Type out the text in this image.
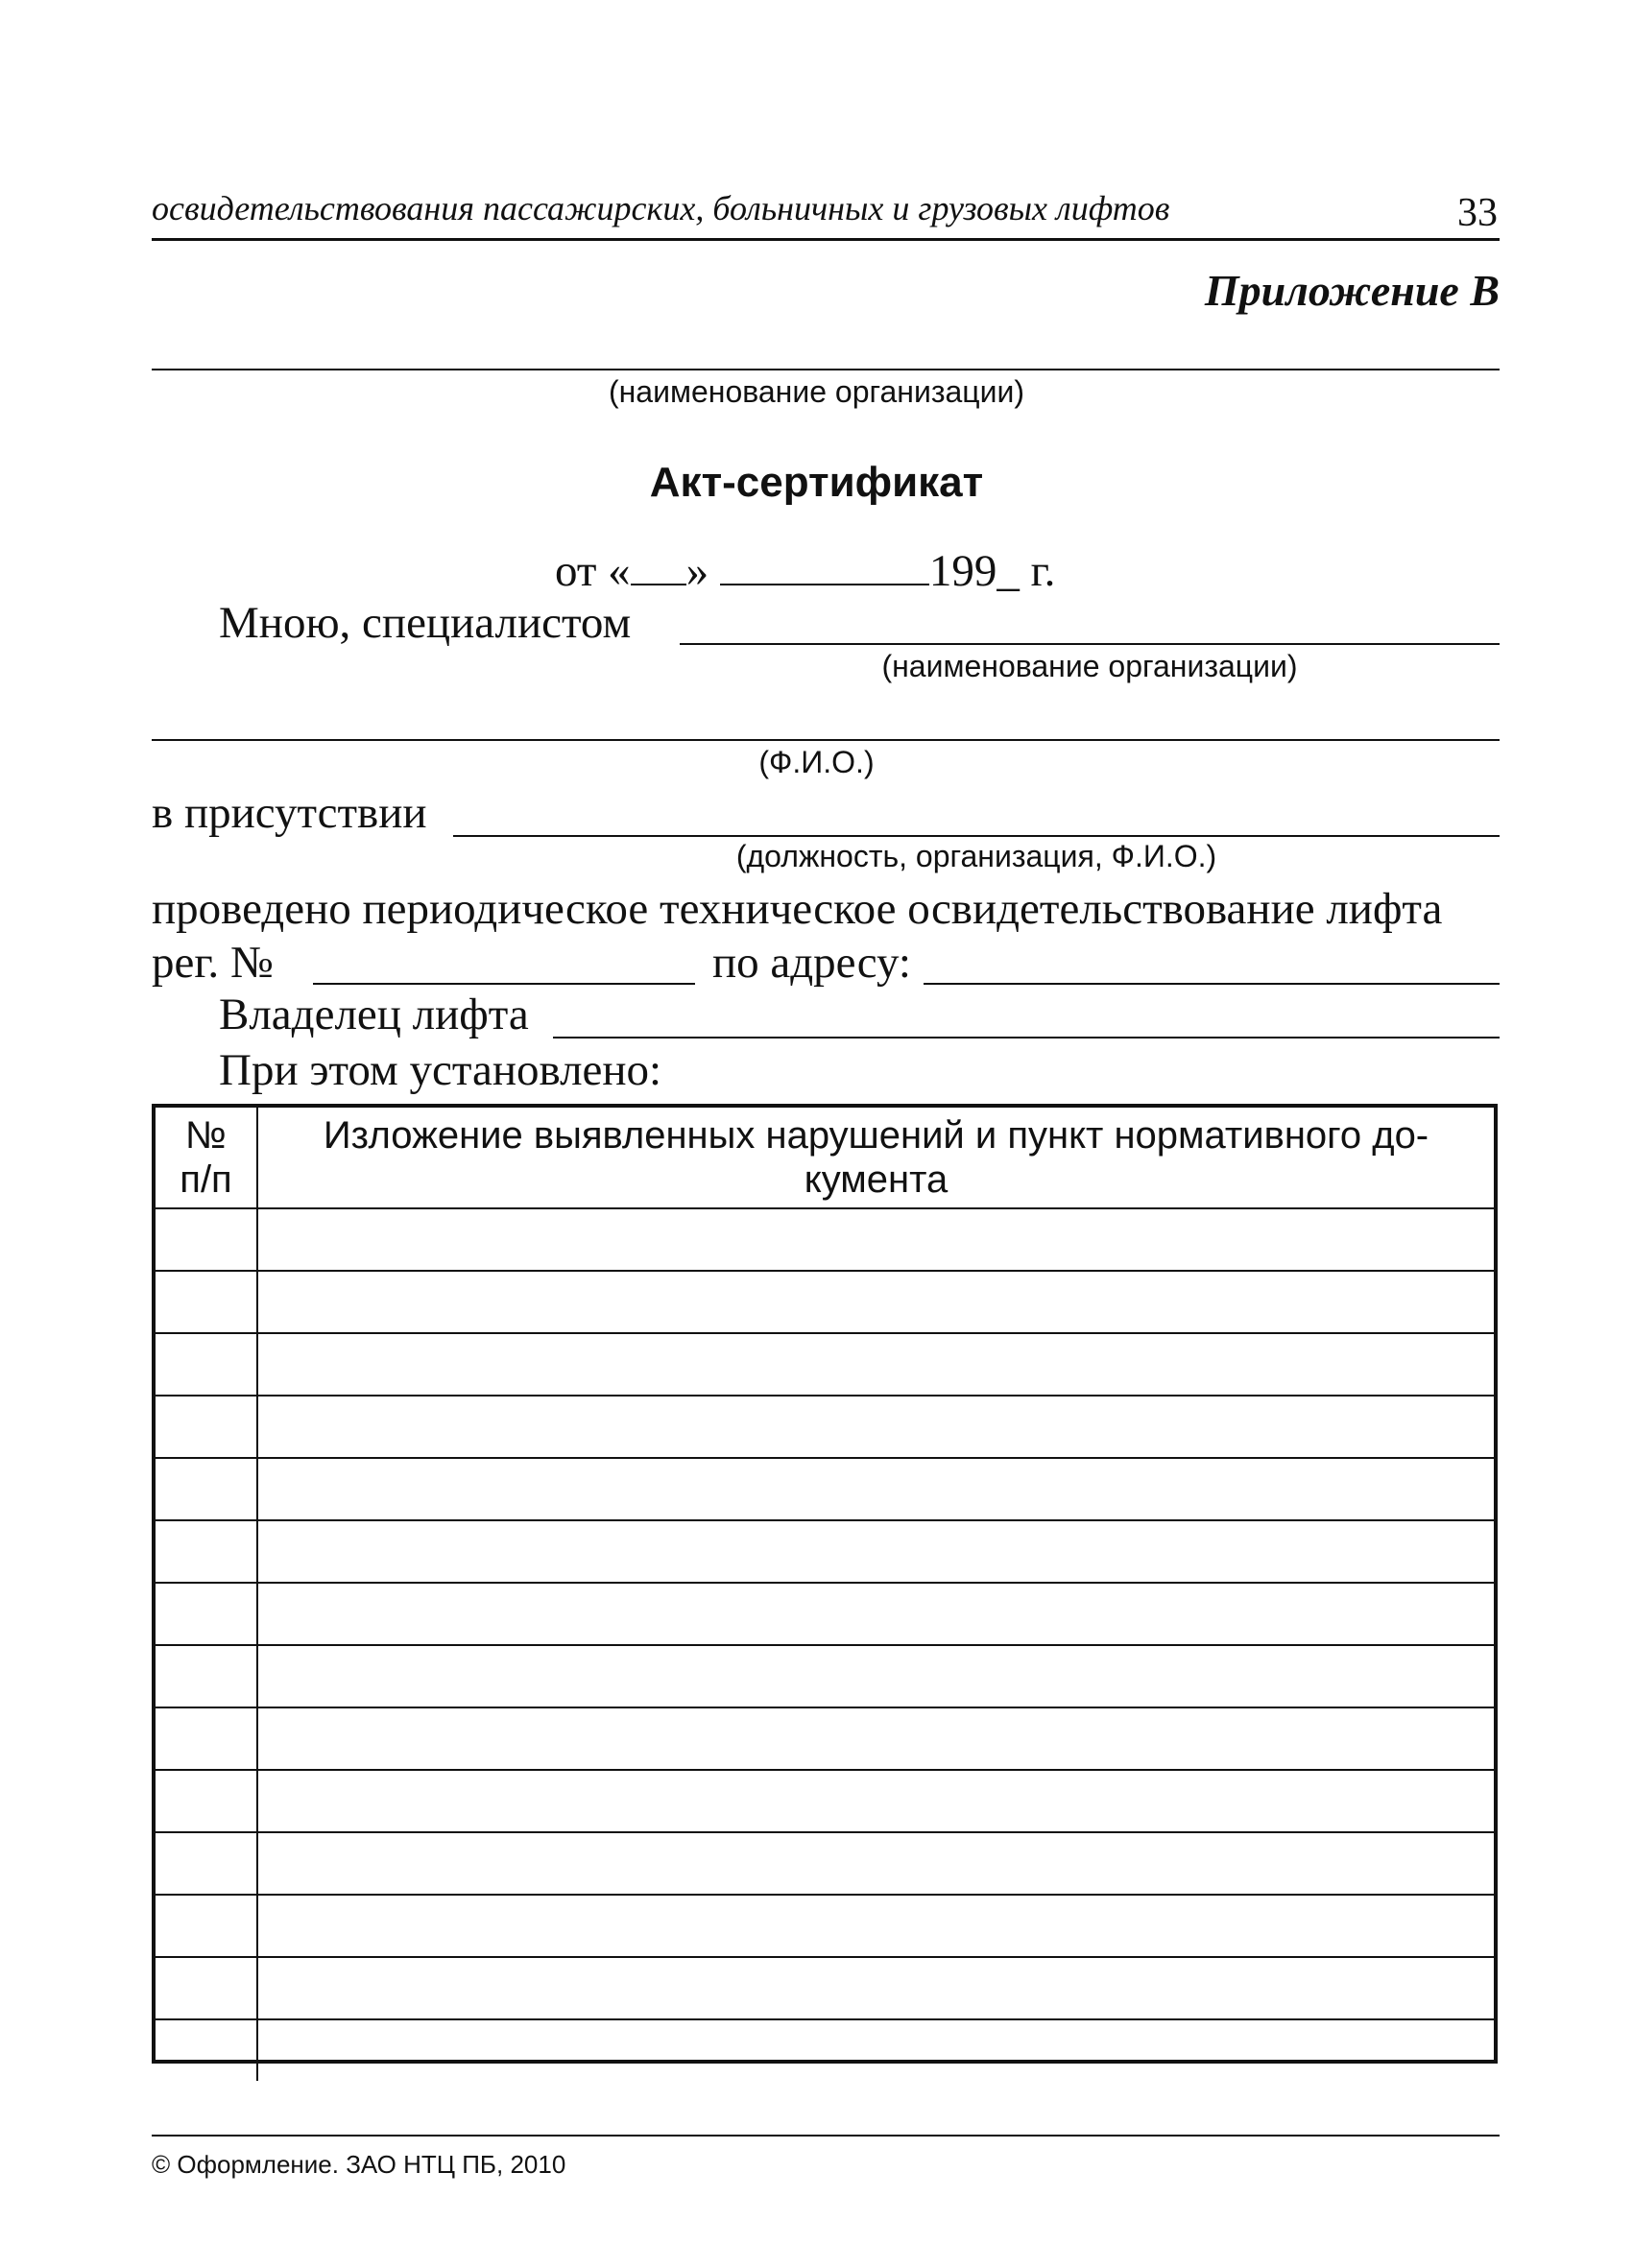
освидетельствования пассажирских, больничных и грузовых лифтов	33
Приложение В
(наименование организации)
Акт-сертификат
от « »	199_ г.
Мною, специалистом
(наименование организации)
(Ф.И.О.)
в присутствии
(должность, организация, Ф.И.О.)
проведено периодическое техническое освидетельствование лифта
рег. №	по адресу:
Владелец лифта
При этом установлено:
№
п/п	Изложение выявленных нарушений и пункт нормативного до-
кумента

© Оформление. ЗАО НТЦ ПБ, 2010
